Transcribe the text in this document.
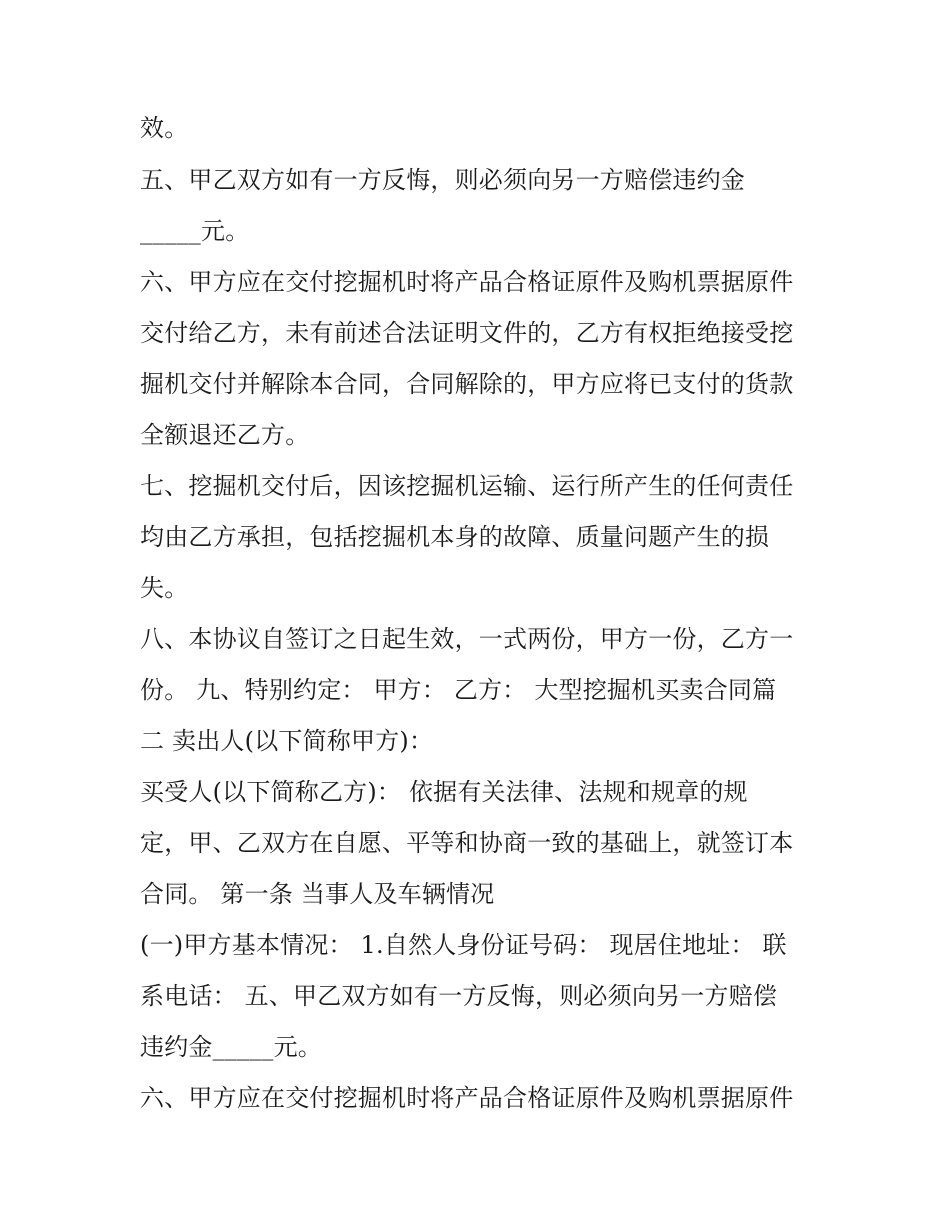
效。
五、甲乙双方如有一方反悔，则必须向另一方赔偿违约金
_____元。
六、甲方应在交付挖掘机时将产品合格证原件及购机票据原件
交付给乙方，未有前述合法证明文件的，乙方有权拒绝接受挖
掘机交付并解除本合同，合同解除的，甲方应将已支付的货款
全额退还乙方。
七、挖掘机交付后，因该挖掘机运输、运行所产生的任何责任
均由乙方承担，包括挖掘机本身的故障、质量问题产生的损
失。
八、本协议自签订之日起生效，一式两份，甲方一份，乙方一
份。 九、特别约定： 甲方： 乙方： 大型挖掘机买卖合同篇
二 卖出人(以下简称甲方)：
买受人(以下简称乙方)： 依据有关法律、法规和规章的规
定，甲、乙双方在自愿、平等和协商一致的基础上，就签订本
合同。 第一条 当事人及车辆情况
(一)甲方基本情况： 1.自然人身份证号码： 现居住地址： 联
系电话： 五、甲乙双方如有一方反悔，则必须向另一方赔偿
违约金_____元。
六、甲方应在交付挖掘机时将产品合格证原件及购机票据原件
